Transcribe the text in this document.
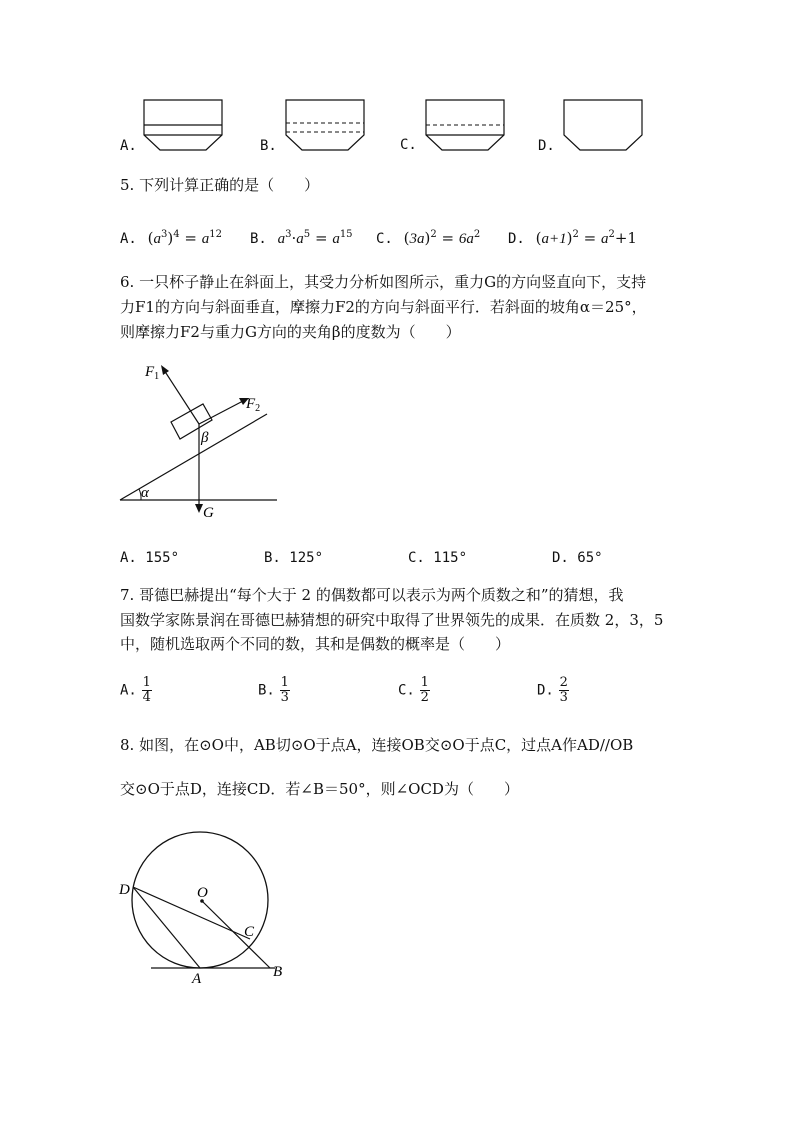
A.	B.	C.	D.
5. 下列计算正确的是（　　）
A. $(a^3)^4 = a^{12}$ B. $a^3\cdot a^5 = a^{15}$ C. $(3a)^2 = 6a^2$ D. $(a+1)^2 = a^2+1$
6. 一只杯子静止在斜面上，其受力分析如图所示，重力G的方向竖直向下，支持
力F1的方向与斜面垂直，摩擦力F2的方向与斜面平行．若斜面的坡角α＝25°，
则摩擦力F2与重力G方向的夹角β的度数为（　　）
α
β
$F_1$
$F_2$
G
A. 155°	B. 125°	C. 115°	D. 65°
7. 哥德巴赫提出“每个大于 2 的偶数都可以表示为两个质数之和”的猜想，我
国数学家陈景润在哥德巴赫猜想的研究中取得了世界领先的成果．在质数 2，3，5
中，随机选取两个不同的数，其和是偶数的概率是（　　）
A. $\frac{1}{4}$	B. $\frac{1}{3}$	C. $\frac{1}{2}$	D. $\frac{2}{3}$
8. 如图，在⊙O中，AB切⊙O于点A，连接OB交⊙O于点C，过点A作AD//OB
交⊙O于点D，连接CD．若∠B＝50°，则∠OCD为（　　）
D	O
C
A	B
